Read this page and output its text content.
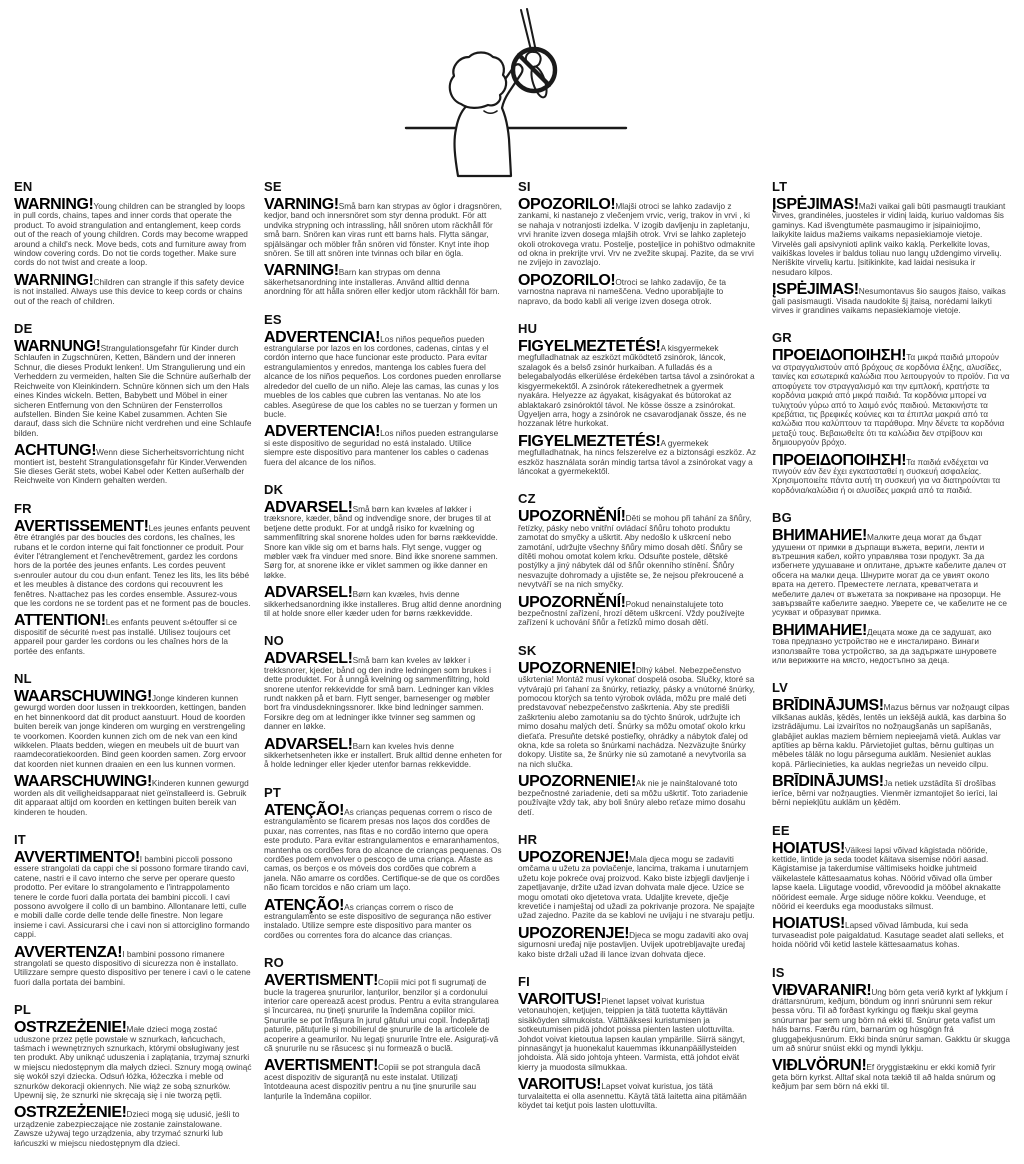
EN

WARNING!Young children can be strangled by loops in pull cords, chains, tapes and inner cords that operate the product. To avoid strangulation and entanglement, keep cords out of the reach of young children. Cords may become wrapped around a child's neck. Move beds, cots and furniture away from window covering cords. Do not tie cords together. Make sure cords do not twist and create a loop.

WARNING!Children can strangle if this safety device is not installed. Always use this device to keep cords or chains out of the reach of children.

DE

WARNUNG!Strangulationsgefahr für Kinder durch Schlaufen in Zugschnüren, Ketten, Bändern und der inneren Schnur, die dieses Produkt lenken!. Um Strangulierung und ein Verheddern zu vermeiden, halten Sie die Schnüre außerhalb der Reichweite von Kleinkindern. Schnüre können sich um den Hals eines Kindes wickeln. Betten, Babybett und Möbel in einer sicheren Entfernung von den Schnüren der Fensterrollos aufstellen. Binden Sie keine Kabel zusammen. Achten Sie darauf, dass sich die Schnüre nicht verdrehen und eine Schlaufe bilden.

ACHTUNG!Wenn diese Sicherheitsvorrichtung nicht montiert ist, besteht Strangulationsgefahr für Kinder.Verwenden Sie dieses Gerät stets, wobei Kabel oder Ketten außerhalb der Reichweite von Kindern gehalten werden.

FR

AVERTISSEMENT!Les jeunes enfants peuvent être étranglés par des boucles des cordons, les chaînes, les rubans et le cordon interne qui fait fonctionner ce produit. Pour éviter l'étranglement et l'enchevêtrement, gardez les cordons hors de la portée des jeunes enfants. Les cordes peuvent s›enrouler autour du cou d›un enfant. Tenez les lits, les lits bébé et les meubles à distance des cordons qui recouvrent les fenêtres. N›attachez pas les cordes ensemble. Assurez-vous que les cordons ne se tordent pas et ne forment pas de boucles.

ATTENTION!Les enfants peuvent s›étouffer si ce dispositif de sécurité n›est pas installé. Utilisez toujours cet appareil pour garder les cordons ou les chaînes hors de la portée des enfants.

NL

WAARSCHUWING!Jonge kinderen kunnen gewurgd worden door lussen in trekkoorden, kettingen, banden en het binnenkoord dat dit product aanstuurt. Houd de koorden buiten bereik van jonge kinderen om wurging en verstrengeling te voorkomen. Koorden kunnen zich om de nek van een kind wikkelen. Plaats bedden, wiegen en meubels uit de buurt van raamdecoratiekoorden. Bind geen koorden samen. Zorg ervoor dat koorden niet kunnen draaien en een lus kunnen vormen.

WAARSCHUWING!Kinderen kunnen gewurgd worden als dit veiligheidsapparaat niet geïnstalleerd is. Gebruik dit apparaat altijd om koorden en kettingen buiten bereik van kinderen te houden.

IT

AVVERTIMENTO!I bambini piccoli possono essere strangolati da cappi che si possono formare tirando cavi, catene, nastri e il cavo interno che serve per operare questo prodotto. Per evitare lo strangolamento e l'intrappolamento tenere le corde fuori dalla portata dei bambini piccoli. I cavi possono avvolgere il collo di un bambino. Allontanare letti, culle e mobili dalle corde delle tende delle finestre. Non legare insieme i cavi. Assicurarsi che i cavi non si attorciglino formando cappi.

AVVERTENZA!I bambini possono rimanere strangolati se questo dispositivo di sicurezza non è installato. Utilizzare sempre questo dispositivo per tenere i cavi o le catene fuori dalla portata dei bambini.

PL

OSTRZEŻENIE!Małe dzieci mogą zostać uduszone przez pętle powstałe w sznurkach, łańcuchach, taśmach i wewnętrznych sznurkach, którymi obsługiwany jest ten produkt. Aby uniknąć uduszenia i zaplątania, trzymaj sznurki w miejscu niedostępnym dla małych dzieci. Sznury mogą owinąć się wokół szyi dziecka. Odsuń łóżka, łóżeczka i meble od sznurków dekoracji okiennych. Nie wiąż ze sobą sznurków. Upewnij się, że sznurki nie skręcają się i nie tworzą pętli.

OSTRZEŻENIE!Dzieci mogą się udusić, jeśli to urządzenie zabezpieczające nie zostanie zainstalowane. Zawsze używaj tego urządzenia, aby trzymać sznurki lub łańcuszki w miejscu niedostępnym dla dzieci.

SE

VARNING!Små barn kan strypas av öglor i dragsnören, kedjor, band och innersnöret som styr denna produkt. För att undvika strypning och intrassling, håll snören utom räckhåll för små barn. Snören kan viras runt ett barns hals. Flytta sängar, spjälsängar och möbler från snören vid fönster. Knyt inte ihop snören. Se till att snören inte tvinnas och bilar en ögla.

VARNING!Barn kan strypas om denna säkerhetsanordning inte installeras. Använd alltid denna anordning för att hålla snören eller kedjor utom räckhåll för barn.

ES

ADVERTENCIA!Los niños pequeños pueden estrangularse por lazos en los cordones, cadenas, cintas y el cordón interno que hace funcionar este producto. Para evitar estrangulamientos y enredos, mantenga los cables fuera del alcance de los niños pequeños. Los cordones pueden enrollarse alrededor del cuello de un niño. Aleje las camas, las cunas y los muebles de los cables que cubren las ventanas. No ate los cables. Asegúrese de que los cables no se tuerzan y formen un bucle.

ADVERTENCIA!Los niños pueden estrangularse si este dispositivo de seguridad no está instalado. Utilice siempre este dispositivo para mantener los cables o cadenas fuera del alcance de los niños.

DK

ADVARSEL!Små børn kan kvæles af løkker i træksnore, kæder, bånd og indvendige snore, der bruges til at betjene dette produkt. For at undgå risiko for kvælning og sammenfiltring skal snorene holdes uden for børns rækkevidde. Snore kan vikle sig om et barns hals. Flyt senge, vugger og møbler væk fra vinduer med snore. Bind ikke snorene sammen. Sørg for, at snorene ikke er viklet sammen og ikke danner en løkke.

ADVARSEL!Børn kan kvæles, hvis denne sikkerhedsanordning ikke installeres. Brug altid denne anordning til at holde snore eller kæder uden for børns rækkevidde.

NO

ADVARSEL!Små barn kan kveles av løkker i trekksnorer, kjeder, bånd og den indre ledningen som brukes i dette produktet. For å unngå kvelning og sammenfiltring, hold snorene utenfor rekkevidde for små barn. Ledninger kan vikles rundt nakken på et barn. Flytt senger, barnesenger og møbler bort fra vindusdekningssnorer. Ikke bind ledninger sammen. Forsikre deg om at ledninger ikke tvinner seg sammen og danner en løkke.

ADVARSEL!Barn kan kveles hvis denne sikkerhetsenheten ikke er installert. Bruk alltid denne enheten for å holde ledninger eller kjeder utenfor barnas rekkevidde.

PT

ATENÇÃO!As crianças pequenas correm o risco de estrangulamento se ficarem presas nos laços dos cordões de puxar, nas correntes, nas fitas e no cordão interno que opera este produto. Para evitar estrangulamentos e emaranhamentos, mantenha os cordões fora do alcance de crianças pequenas. Os cordões podem envolver o pescoço de uma criança. Afaste as camas, os berços e os móveis dos cordões que cobrem a janela. Não amarre os cordões. Certifique-se de que os cordões não ficam torcidos e não criam um laço.

ATENÇÃO!As crianças correm o risco de estrangulamento se este dispositivo de segurança não estiver instalado. Utilize sempre este dispositivo para manter os cordões ou correntes fora do alcance das crianças.

RO

AVERTISMENT!Copiii mici pot fi sugrumați de bucle la tragerea șnururilor, lanțurilor, benzilor și a cordonului interior care operează acest produs. Pentru a evita strangularea și încurcarea, nu țineți șnururile la îndemâna copiilor mici. Șnururile se pot înfășura în jurul gâtului unui copil. Îndepărtați paturile, pătuțurile și mobilierul de șnururile de la articolele de acoperire a geamurilor. Nu legați șnururile între ele. Asigurați-vă că șnururile nu se răsucesc și nu formează o buclă.

AVERTISMENT!Copiii se pot strangula dacă acest dispozitiv de siguranță nu este instalat. Utilizați întotdeauna acest dispozitiv pentru a nu ține șnururile sau lanțurile la îndemâna copiilor.

SI

OPOZORILO!Mlajši otroci se lahko zadavijo z zankami, ki nastanejo z vlečenjem vrvic, verig, trakov in vrvi , ki se nahaja v notranjosti izdelka. V izogib davljenju in zapletanju, vrvi hranite izven dosega mlajših otrok. Vrvi se lahko zapletejo okoli otrokovega vratu. Postelje, posteljice in pohištvo odmaknite od okna in prekrijte vrvi. Vrv ne zvežite skupaj. Pazite, da se vrvi ne zvijejo in zavozlajo.

OPOZORILO!Otroci se lahko zadavijo, če ta varnostna naprava ni nameščena. Vedno uporabljajte to napravo, da bodo kabli ali verige izven dosega otrok.

HU

FIGYELMEZTETÉS!A kisgyermekek megfulladhatnak az eszközt működtető zsinórok, láncok, szalagok és a belső zsinór hurkaiban. A fulladás és a belegabalyodás elkerülése érdekében tartsa távol a zsinórokat a kisgyermekektől. A zsinórok rátekeredhetnek a gyermek nyakára. Helyezze az ágyakat, kiságyakat és bútorokat az ablaktakaró zsinóroktól távol. Ne kösse össze a zsinórokat. Ügyeljen arra, hogy a zsinórok ne csavarodjanak össze, és ne hozzanak létre hurkokat.

FIGYELMEZTETÉS!A gyermekek megfulladhatnak, ha nincs felszerelve ez a biztonsági eszköz. Az eszköz használata során mindig tartsa távol a zsinórokat vagy a láncokat a gyermekektől.

CZ

UPOZORNĚNÍ!Děti se mohou při tahání za šňůry, řetízky, pásky nebo vnitřní ovládací šňůru tohoto produktu zamotat do smyčky a uškrtit. Aby nedošlo k uškrcení nebo zamotání, udržujte všechny šňůry mimo dosah dětí. Šňůry se dítěti mohou omotat kolem krku. Odsuňte postele, dětské postýlky a jiný nábytek dál od šňůr okenního stínění. Šňůry nesvazujte dohromady a ujistěte se, že nejsou překroucené a nevytváří se na nich smyčky.

UPOZORNĚNÍ!Pokud nenainstalujete toto bezpečnostní zařízení, hrozí dětem uškrcení. Vždy používejte zařízení k uchování šňůr a řetízků mimo dosah dětí.

SK

UPOZORNENIE!Dlhý kábel. Nebezpečenstvo uškrtenia! Montáž musí vykonať dospelá osoba. Slučky, ktoré sa vytvárajú pri ťahaní za šnúrky, retiazky, pásky a vnútorné šnúrky, pomocou ktorých sa tento výrobok ovláda, môžu pre malé deti predstavovať nebezpečenstvo zaškrtenia. Aby ste predišli zaškrteniu alebo zamotaniu sa do týchto šnúrok, udržujte ich mimo dosahu malých detí. Šnúrky sa môžu omotať okolo krku dieťaťa. Presuňte detské postieľky, ohrádky a nábytok ďalej od okna, kde sa roleta so šnúrkami nachádza. Nezväzujte šnúrky dokopy. Uistite sa, že šnúrky nie sú zamotané a nevytvorila sa na nich slučka.

UPOZORNENIE!Ak nie je nainštalované toto bezpečnostné zariadenie, deti sa môžu uškrtiť. Toto zariadenie používajte vždy tak, aby boli šnúry alebo reťaze mimo dosahu detí.

HR

UPOZORENJE!Mala djeca mogu se zadaviti omčama u užetu za povlačenje, lancima, trakama i unutarnjem užetu koje pokreće ovaj proizvod. Kako biste izbjegli davljenje i zapetljavanje, držite užad izvan dohvata male djece. Uzice se mogu omotati oko djetetova vrata. Udaljite krevete, dječje krevetiće i namještaj od užadi za pokrivanje prozora. Ne spajajte užad zajedno. Pazite da se kablovi ne uvijaju i ne stvaraju petlju.

UPOZORENJE!Djeca se mogu zadaviti ako ovaj sigurnosni uređaj nije postavljen. Uvijek upotrebljavajte uređaj kako biste držali užad ili lance izvan dohvata djece.

FI

VAROITUS!Pienet lapset voivat kuristua vetonauhojen, ketjujen, teippien ja tätä tuotetta käyttävän sisäköyden silmukoista. Välttääksesi kuristumisen ja sotkeutumisen pidä johdot poissa pienten lasten ulottuvilta. Johdot voivat kietoutua lapsen kaulan ympärille. Siirrä sängyt, pinnasängyt ja huonekalut kauemmas ikkunanpäällysteiden johdoista. Älä sido johtoja yhteen. Varmista, että johdot eivät kierry ja muodosta silmukkaa.

VAROITUS!Lapset voivat kuristua, jos tätä turvalaitetta ei olla asennettu. Käytä tätä laitetta aina pitämään köydet tai ketjut pois lasten ulottuvilta.

LT

ĮSPĖJIMAS!Maži vaikai gali būti pasmaugti traukiant virves, grandinėles, juosteles ir vidinį laidą, kuriuo valdomas šis gaminys. Kad išvengtumėte pasmaugimo ir įsipainiojimo, laikykite laidus mažiems vaikams nepasiekiamoje vietoje. Virvelės gali apsivynioti aplink vaiko kaklą. Perkelkite lovas, vaikiškas loveles ir baldus toliau nuo langų uždengimo virvelių. Neriškite virvelių kartu. Įsitikinkite, kad laidai nesisuka ir nesudaro kilpos.

ĮSPĖJIMAS!Nesumontavus šio saugos įtaiso, vaikas gali pasismaugti. Visada naudokite šį įtaisą, norėdami laikyti virves ir grandines vaikams nepasiekiamoje vietoje.

GR

ΠΡΟΕΙΔΟΠΟΙΗΣΗ!Τα μικρά παιδιά μπορούν να στραγγαλιστούν από βρόχους σε κορδόνια έλξης, αλυσίδες, ταινίες και εσωτερικά καλώδια που λειτουργούν το προϊόν. Για να αποφύγετε τον στραγγαλισμό και την εμπλοκή, κρατήστε τα κορδόνια μακριά από μικρά παιδιά. Τα κορδόνια μπορεί να τυλιχτούν γύρω από το λαιμό ενός παιδιού. Μετακινήστε τα κρεβάτια, τις βρεφικές κούνιες και τα έπιπλα μακριά από τα καλώδια που καλύπτουν τα παράθυρα. Μην δένετε τα κορδόνια μεταξύ τους. Βεβαιωθείτε ότι τα καλώδια δεν στρίβουν και δημιουργούν βρόχο.

ΠΡΟΕΙΔΟΠΟΙΗΣΗ!Τα παιδιά ενδέχεται να πνιγούν εάν δεν έχει εγκατασταθεί η συσκευή ασφαλείας. Χρησιμοποιείτε πάντα αυτή τη συσκευή για να διατηρούνται τα κορδόνια/καλώδια ή οι αλυσίδες μακριά από τα παιδιά.

BG

ВНИМАНИЕ!Малките деца могат да бъдат удушени от примки в дърпащи въжета, вериги, ленти и вътрешния кабел, който управлява този продукт. За да избегнете удушаване и оплитане, дръжте кабелите далеч от обсега на малки деца. Шнурите могат да се увият около врата на детето. Преместете леглата, креватчетата и мебелите далеч от въжетата за покриване на прозорци. Не завързвайте кабелите заедно. Уверете се, че кабелите не се усукват и образуват примка.

ВНИМАНИЕ!Децата може да се задушат, ако това предпазно устройство не е инсталирано. Винаги използвайте това устройство, за да задържате шнуровете или верижките на място, недостъпно за деца.

LV

BRĪDINĀJUMS!Mazus bērnus var nožņaugt cilpas vilkšanas auklās, ķēdēs, lentēs un iekšējā auklā, kas darbina šo izstrādājumu. Lai izvairītos no nožņaugšanās un sapīšanās, glabājiet auklas maziem bērniem nepieejamā vietā. Auklas var aptīties ap bērna kaklu. Pārvietojiet gultas, bērnu gultiņas un mēbeles tālāk no logu pārseguma auklām. Nesieniet auklas kopā. Pārliecinieties, ka auklas negriežas un neveido cilpu.

BRĪDINĀJUMS!Ja netiek uzstādīta šī drošības ierīce, bērni var nožņaugties. Vienmēr izmantojiet šo ierīci, lai bērni nepiekļūtu auklām un ķēdēm.

EE

HOIATUS!Väikesi lapsi võivad kägistada nööride, kettide, lintide ja seda toodet käitava sisemise nööri aasad. Kägistamise ja takerdumise vältimiseks hoidke juhtmeid väikelastele kättesaamatus kohas. Nöörid võivad olla ümber lapse kaela. Liigutage voodid, võrevoodid ja mööbel aknakatte nööridest eemale. Ärge siduge nööre kokku. Veenduge, et nöörid ei keerduks ega moodustaks silmust.

HOIATUS!Lapsed võivad lämbuda, kui seda turvaseadist pole paigaldatud. Kasutage seadet alati selleks, et hoida nöörid või ketid lastele kättesaamatus kohas.

IS

VIÐVARANIR!Ung börn geta verið kyrkt af lykkjum í dráttarsnúrum, keðjum, böndum og innri snúrunni sem rekur þessa vöru. Til að forðast kyrkingu og flækju skal geyma snúrurnar þar sem ung börn ná ekki til. Snúrur geta vafist um háls barns. Færðu rúm, barnarúm og húsgögn frá gluggaþekjusnúrum. Ekki binda snúrur saman. Gakktu úr skugga um að snúrur snúist ekki og myndi lykkju.

VIÐLVÖRUN!Ef öryggistækinu er ekki komið fyrir geta börn kyrkst. Alltaf skal nota tækið til að halda snúrum og keðjum þar sem börn ná ekki til.
